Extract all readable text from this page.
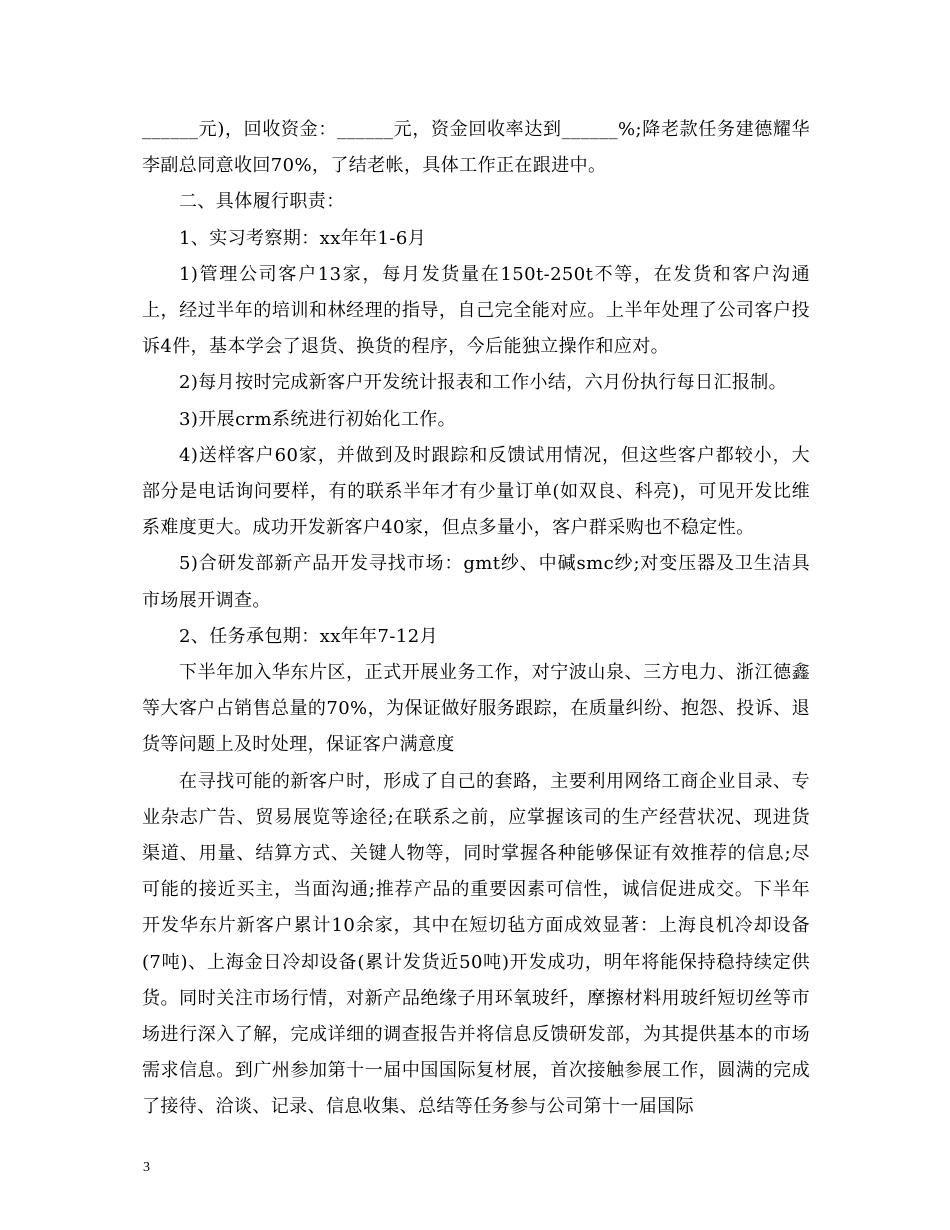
______元)，回收资金：______元，资金回收率达到______%;降老款任务建德耀华李副总同意收回70%，了结老帐，具体工作正在跟进中。

二、具体履行职责：

1、实习考察期：xx年年1-6月

1)管理公司客户13家，每月发货量在150t-250t不等，在发货和客户沟通上，经过半年的培训和林经理的指导，自己完全能对应。上半年处理了公司客户投诉4件，基本学会了退货、换货的程序，今后能独立操作和应对。

2)每月按时完成新客户开发统计报表和工作小结，六月份执行每日汇报制。

3)开展crm系统进行初始化工作。

4)送样客户60家，并做到及时跟踪和反馈试用情况，但这些客户都较小，大部分是电话询问要样，有的联系半年才有少量订单(如双良、科亮)，可见开发比维系难度更大。成功开发新客户40家，但点多量小，客户群采购也不稳定性。

5)合研发部新产品开发寻找市场：gmt纱、中碱smc纱;对变压器及卫生洁具市场展开调查。

2、任务承包期：xx年年7-12月

下半年加入华东片区，正式开展业务工作，对宁波山泉、三方电力、浙江德鑫等大客户占销售总量的70%，为保证做好服务跟踪，在质量纠纷、抱怨、投诉、退货等问题上及时处理，保证客户满意度

在寻找可能的新客户时，形成了自己的套路，主要利用网络工商企业目录、专业杂志广告、贸易展览等途径;在联系之前，应掌握该司的生产经营状况、现进货渠道、用量、结算方式、关键人物等，同时掌握各种能够保证有效推荐的信息;尽可能的接近买主，当面沟通;推荐产品的重要因素可信性，诚信促进成交。下半年开发华东片新客户累计10余家，其中在短切毡方面成效显著：上海良机冷却设备(7吨)、上海金日冷却设备(累计发货近50吨)开发成功，明年将能保持稳持续定供货。同时关注市场行情，对新产品绝缘子用环氧玻纤，摩擦材料用玻纤短切丝等市场进行深入了解，完成详细的调查报告并将信息反馈研发部，为其提供基本的市场需求信息。到广州参加第十一届中国国际复材展，首次接触参展工作，圆满的完成了接待、洽谈、记录、信息收集、总结等任务参与公司第十一届国际

3
